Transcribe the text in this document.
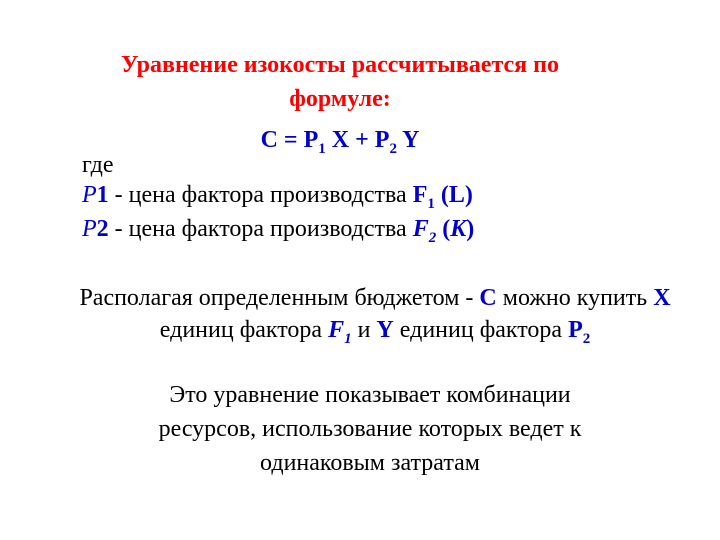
Уравнение изокосты рассчитывается по
формуле:
$C = P_1$ $X + P_2$ Y
где
P1 - цена фактора производства $F_1$ (L)
P2 - цена фактора производства $F_2$ (K)
Располагая определенным бюджетом - C можно купить X единиц фактора $F_1$ и Y единиц фактора $P_2$
Это уравнение показывает комбинации
ресурсов, использование которых ведет к
одинаковым затратам
